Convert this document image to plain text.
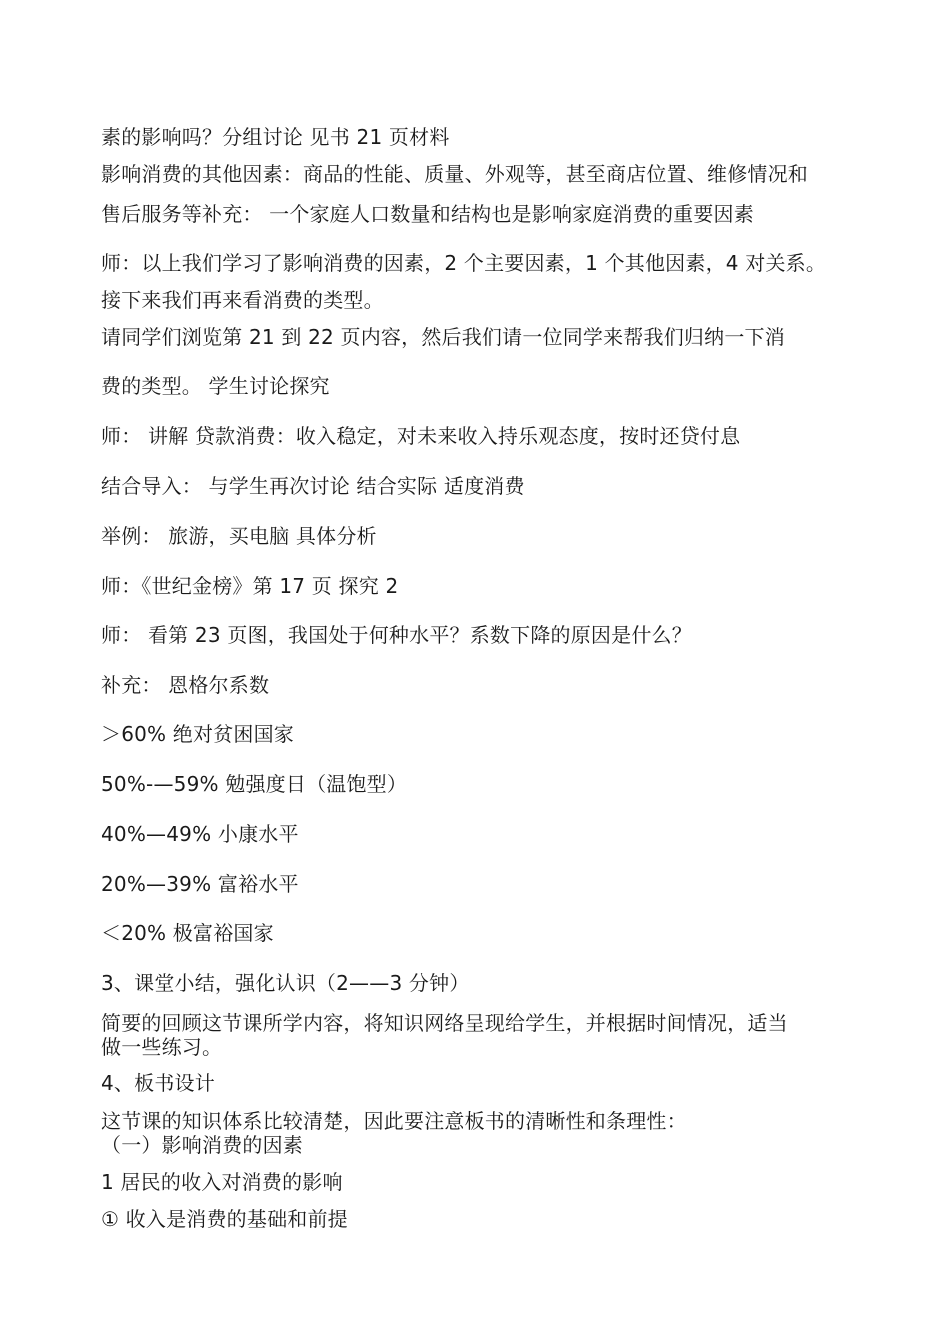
素的影响吗？分组讨论 见书 21 页材料
影响消费的其他因素：商品的性能、质量、外观等，甚至商店位置、维修情况和
售后服务等补充： 一个家庭人口数量和结构也是影响家庭消费的重要因素
师：以上我们学习了影响消费的因素，2 个主要因素，1 个其他因素，4 对关系。
接下来我们再来看消费的类型。
请同学们浏览第 21 到 22 页内容，然后我们请一位同学来帮我们归纳一下消
费的类型。 学生讨论探究
师： 讲解 贷款消费：收入稳定，对未来收入持乐观态度，按时还贷付息
结合导入： 与学生再次讨论 结合实际 适度消费
举例： 旅游，买电脑 具体分析
师：《世纪金榜》第 17 页 探究 2
师： 看第 23 页图，我国处于何种水平？系数下降的原因是什么？
补充： 恩格尔系数
＞60% 绝对贫困国家
50%-—59% 勉强度日（温饱型）
40%—49% 小康水平
20%—39% 富裕水平
＜20% 极富裕国家
3、课堂小结，强化认识（2——3 分钟）
简要的回顾这节课所学内容，将知识网络呈现给学生，并根据时间情况，适当
做一些练习。
4、板书设计
这节课的知识体系比较清楚，因此要注意板书的清晰性和条理性：
（一）影响消费的因素
1 居民的收入对消费的影响
① 收入是消费的基础和前提
